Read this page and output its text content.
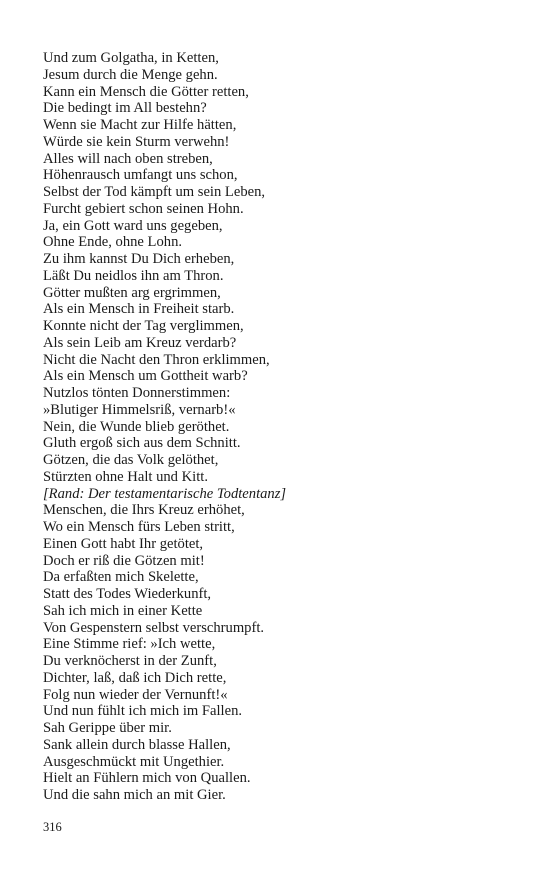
Und zum Golgatha, in Ketten,
Jesum durch die Menge gehn.
Kann ein Mensch die Götter retten,
Die bedingt im All bestehn?
Wenn sie Macht zur Hilfe hätten,
Würde sie kein Sturm verwehn!
Alles will nach oben streben,
Höhenrausch umfangt uns schon,
Selbst der Tod kämpft um sein Leben,
Furcht gebiert schon seinen Hohn.
Ja, ein Gott ward uns gegeben,
Ohne Ende, ohne Lohn.
Zu ihm kannst Du Dich erheben,
Läßt Du neidlos ihn am Thron.
Götter mußten arg ergrimmen,
Als ein Mensch in Freiheit starb.
Konnte nicht der Tag verglimmen,
Als sein Leib am Kreuz verdarb?
Nicht die Nacht den Thron erklimmen,
Als ein Mensch um Gottheit warb?
Nutzlos tönten Donnerstimmen:
»Blutiger Himmelsriß, vernarb!«
Nein, die Wunde blieb geröthet.
Gluth ergoß sich aus dem Schnitt.
Götzen, die das Volk gelöthet,
Stürzten ohne Halt und Kitt.
[Rand: Der testamentarische Todtentanz]
Menschen, die Ihrs Kreuz erhöhet,
Wo ein Mensch fürs Leben stritt,
Einen Gott habt Ihr getötet,
Doch er riß die Götzen mit!
Da erfaßten mich Skelette,
Statt des Todes Wiederkunft,
Sah ich mich in einer Kette
Von Gespenstern selbst verschrumpft.
Eine Stimme rief: »Ich wette,
Du verknöcherst in der Zunft,
Dichter, laß, daß ich Dich rette,
Folg nun wieder der Vernunft!«
Und nun fühlt ich mich im Fallen.
Sah Gerippe über mir.
Sank allein durch blasse Hallen,
Ausgeschmückt mit Ungethier.
Hielt an Fühlern mich von Quallen.
Und die sahn mich an mit Gier.
316
